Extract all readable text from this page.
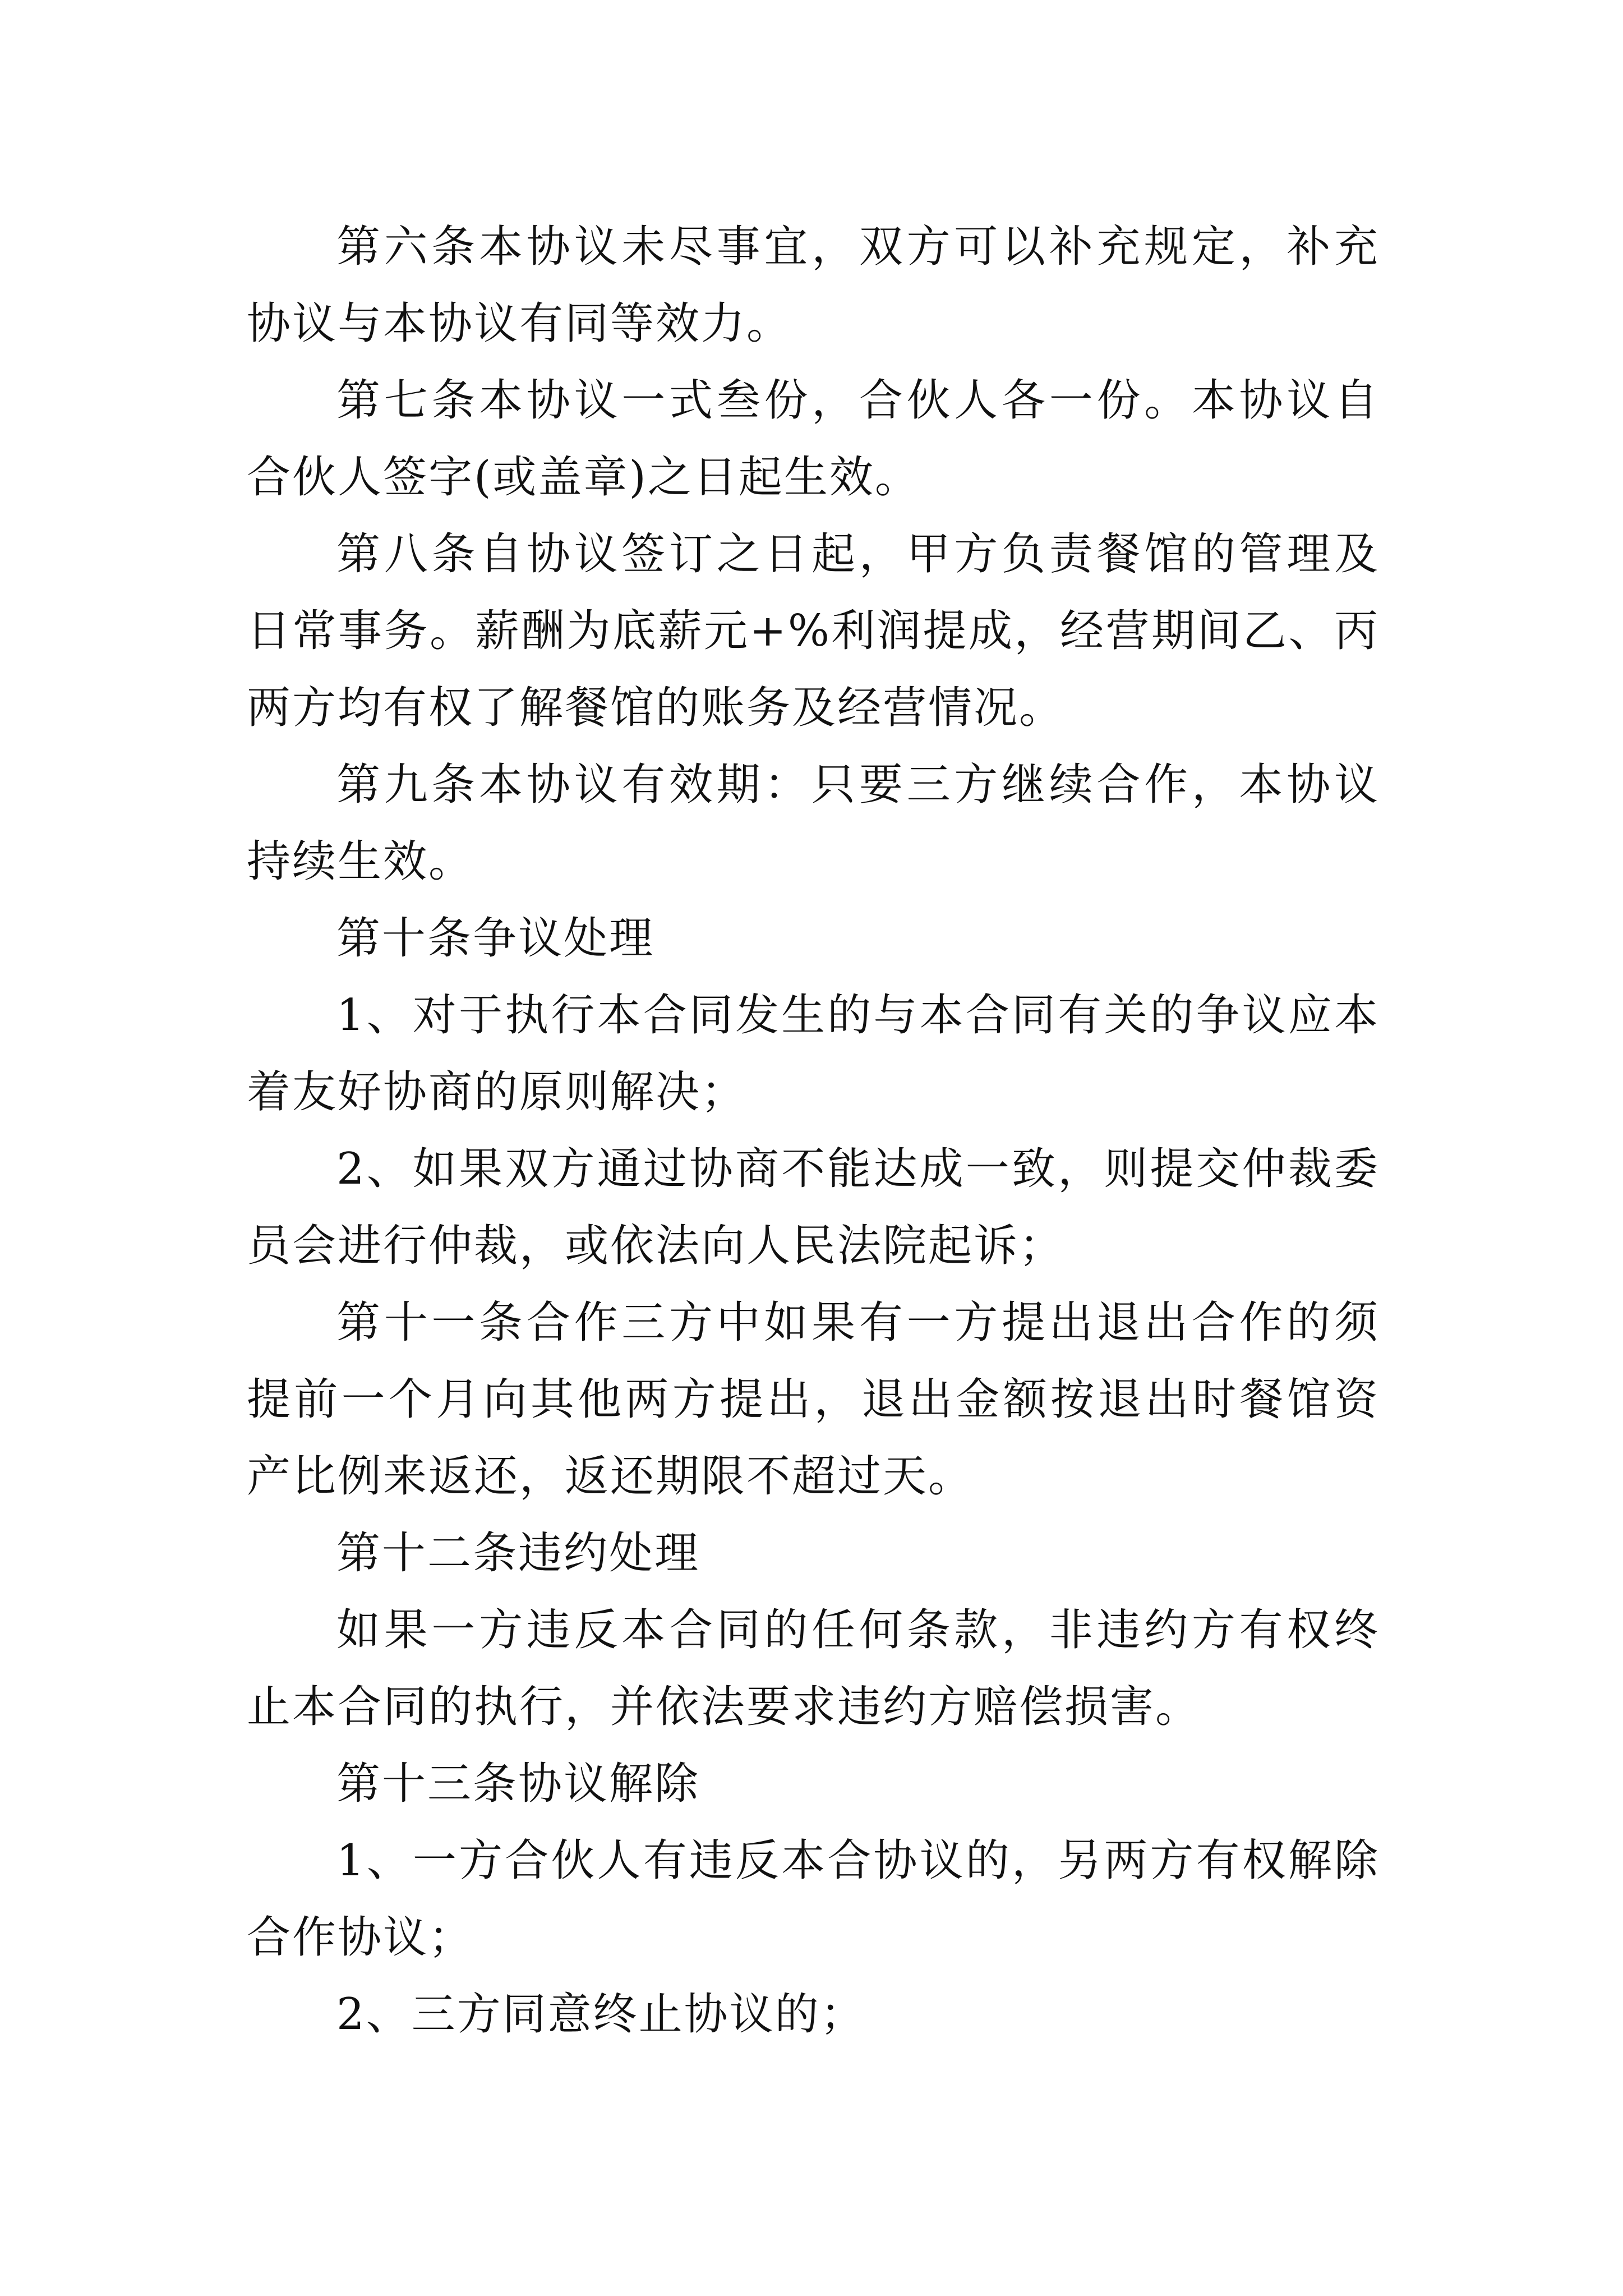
第六条本协议未尽事宜，双方可以补充规定，补充协议与本协议有同等效力。

第七条本协议一式叁份，合伙人各一份。本协议自合伙人签字(或盖章)之日起生效。

第八条自协议签订之日起，甲方负责餐馆的管理及日常事务。薪酬为底薪元+%利润提成，经营期间乙、丙两方均有权了解餐馆的账务及经营情况。

第九条本协议有效期：只要三方继续合作，本协议持续生效。

第十条争议处理

1、对于执行本合同发生的与本合同有关的争议应本着友好协商的原则解决；

2、如果双方通过协商不能达成一致，则提交仲裁委员会进行仲裁，或依法向人民法院起诉；

第十一条合作三方中如果有一方提出退出合作的须提前一个月向其他两方提出，退出金额按退出时餐馆资产比例来返还，返还期限不超过天。

第十二条违约处理

如果一方违反本合同的任何条款，非违约方有权终止本合同的执行，并依法要求违约方赔偿损害。

第十三条协议解除

1、一方合伙人有违反本合协议的，另两方有权解除合作协议；

2、三方同意终止协议的；
